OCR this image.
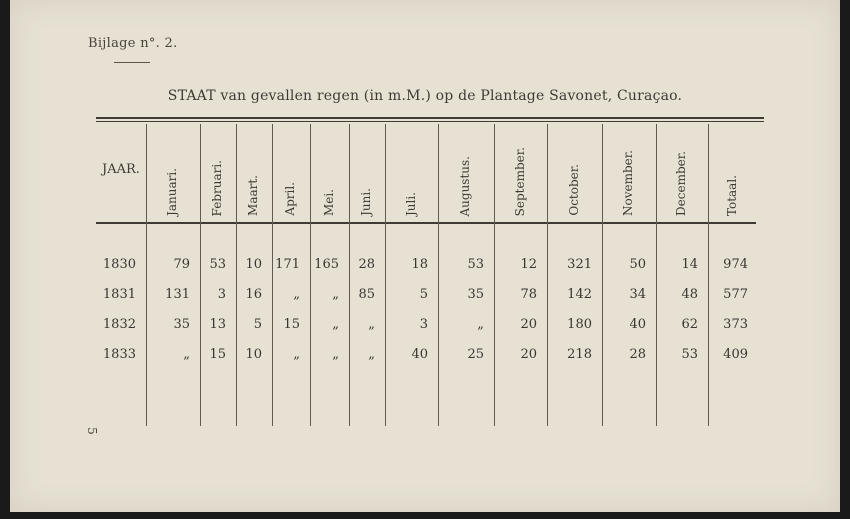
Bijlage n°. 2.
STAAT van gevallen regen (in m.M.) op de Plantage Savonet, Curaçao.
JAAR. Januari.	Februari. Maart. April. Mei. Juni.	Juli.	Augustus.	September.	October.	November.	December.	Totaal.
1830	79	53	10	171	165	28	18	53	12	321	50	14	974
1831	131	3	16	„	„	85	5	35	78	142	34	48	577
1832	35	13	5	15	„	„	3	„	20	180	40	62	373
1833	„	15	10	„	„	„	40	25	20	218	28	53	409
5
